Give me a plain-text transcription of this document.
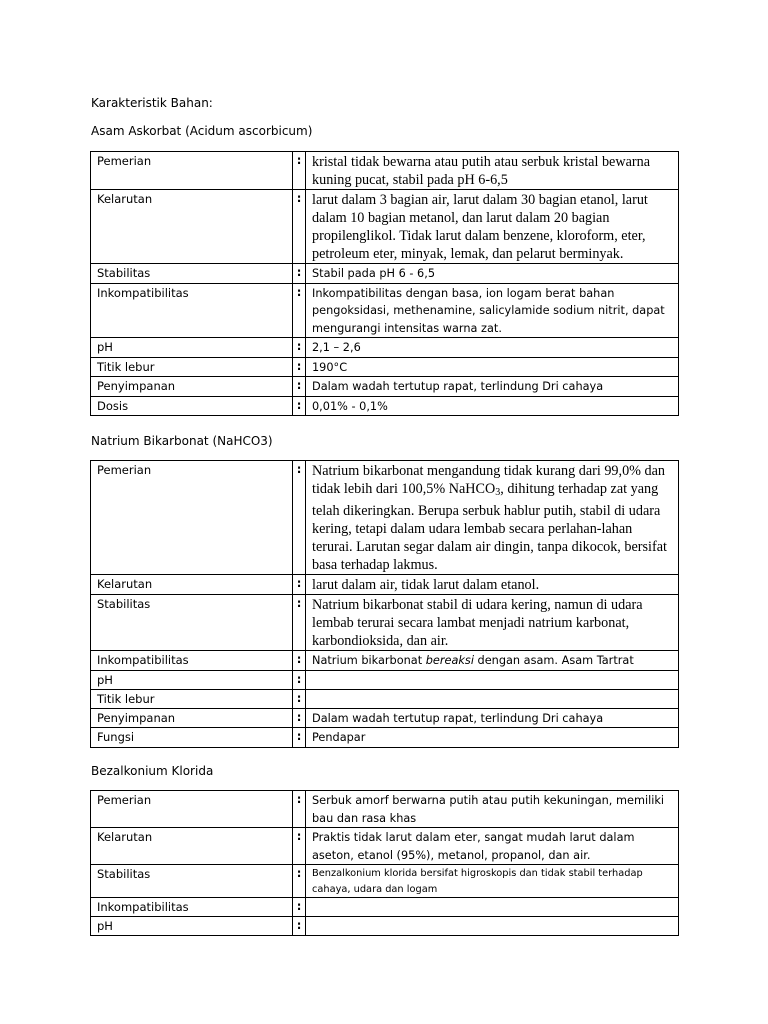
Karakteristik Bahan:
Asam Askorbat (Acidum ascorbicum)
Pemerian	:	kristal tidak bewarna atau putih atau serbuk kristal bewarna kuning pucat, stabil pada pH 6-6,5
Kelarutan	:	larut dalam 3 bagian air, larut dalam 30 bagian etanol, larut dalam 10 bagian metanol, dan larut dalam 20 bagian propilenglikol. Tidak larut dalam benzene, kloroform, eter, petroleum eter, minyak, lemak, dan pelarut berminyak.
Stabilitas	:	Stabil pada pH 6 - 6,5
Inkompatibilitas	:	Inkompatibilitas dengan basa, ion logam berat bahan pengoksidasi, methenamine, salicylamide sodium nitrit, dapat mengurangi intensitas warna zat.
pH	:	2,1 – 2,6
Titik lebur	:	190°C
Penyimpanan	:	Dalam wadah tertutup rapat, terlindung Dri cahaya
Dosis	:	0,01% - 0,1%
Natrium Bikarbonat (NaHCO3)
Pemerian	:	Natrium bikarbonat mengandung tidak kurang dari 99,0% dan tidak lebih dari 100,5% NaHCO$_3$, dihitung terhadap zat yang telah dikeringkan. Berupa serbuk hablur putih, stabil di udara kering, tetapi dalam udara lembab secara perlahan-lahan terurai. Larutan segar dalam air dingin, tanpa dikocok, bersifat basa terhadap lakmus.
Kelarutan	:	larut dalam air, tidak larut dalam etanol.
Stabilitas	:	Natrium bikarbonat stabil di udara kering, namun di udara lembab terurai secara lambat menjadi natrium karbonat, karbondioksida, dan air.
Inkompatibilitas	:	Natrium bikarbonat bereaksi dengan asam. Asam Tartrat
pH	:	
Titik lebur	:	
Penyimpanan	:	Dalam wadah tertutup rapat, terlindung Dri cahaya
Fungsi	:	Pendapar
Bezalkonium Klorida
Pemerian	:	Serbuk amorf berwarna putih atau putih kekuningan, memiliki bau dan rasa khas
Kelarutan	:	Praktis tidak larut dalam eter, sangat mudah larut dalam aseton, etanol (95%), metanol, propanol, dan air.
Stabilitas	:	Benzalkonium klorida bersifat higroskopis dan tidak stabil terhadap cahaya, udara dan logam
Inkompatibilitas	:	
pH	:	
